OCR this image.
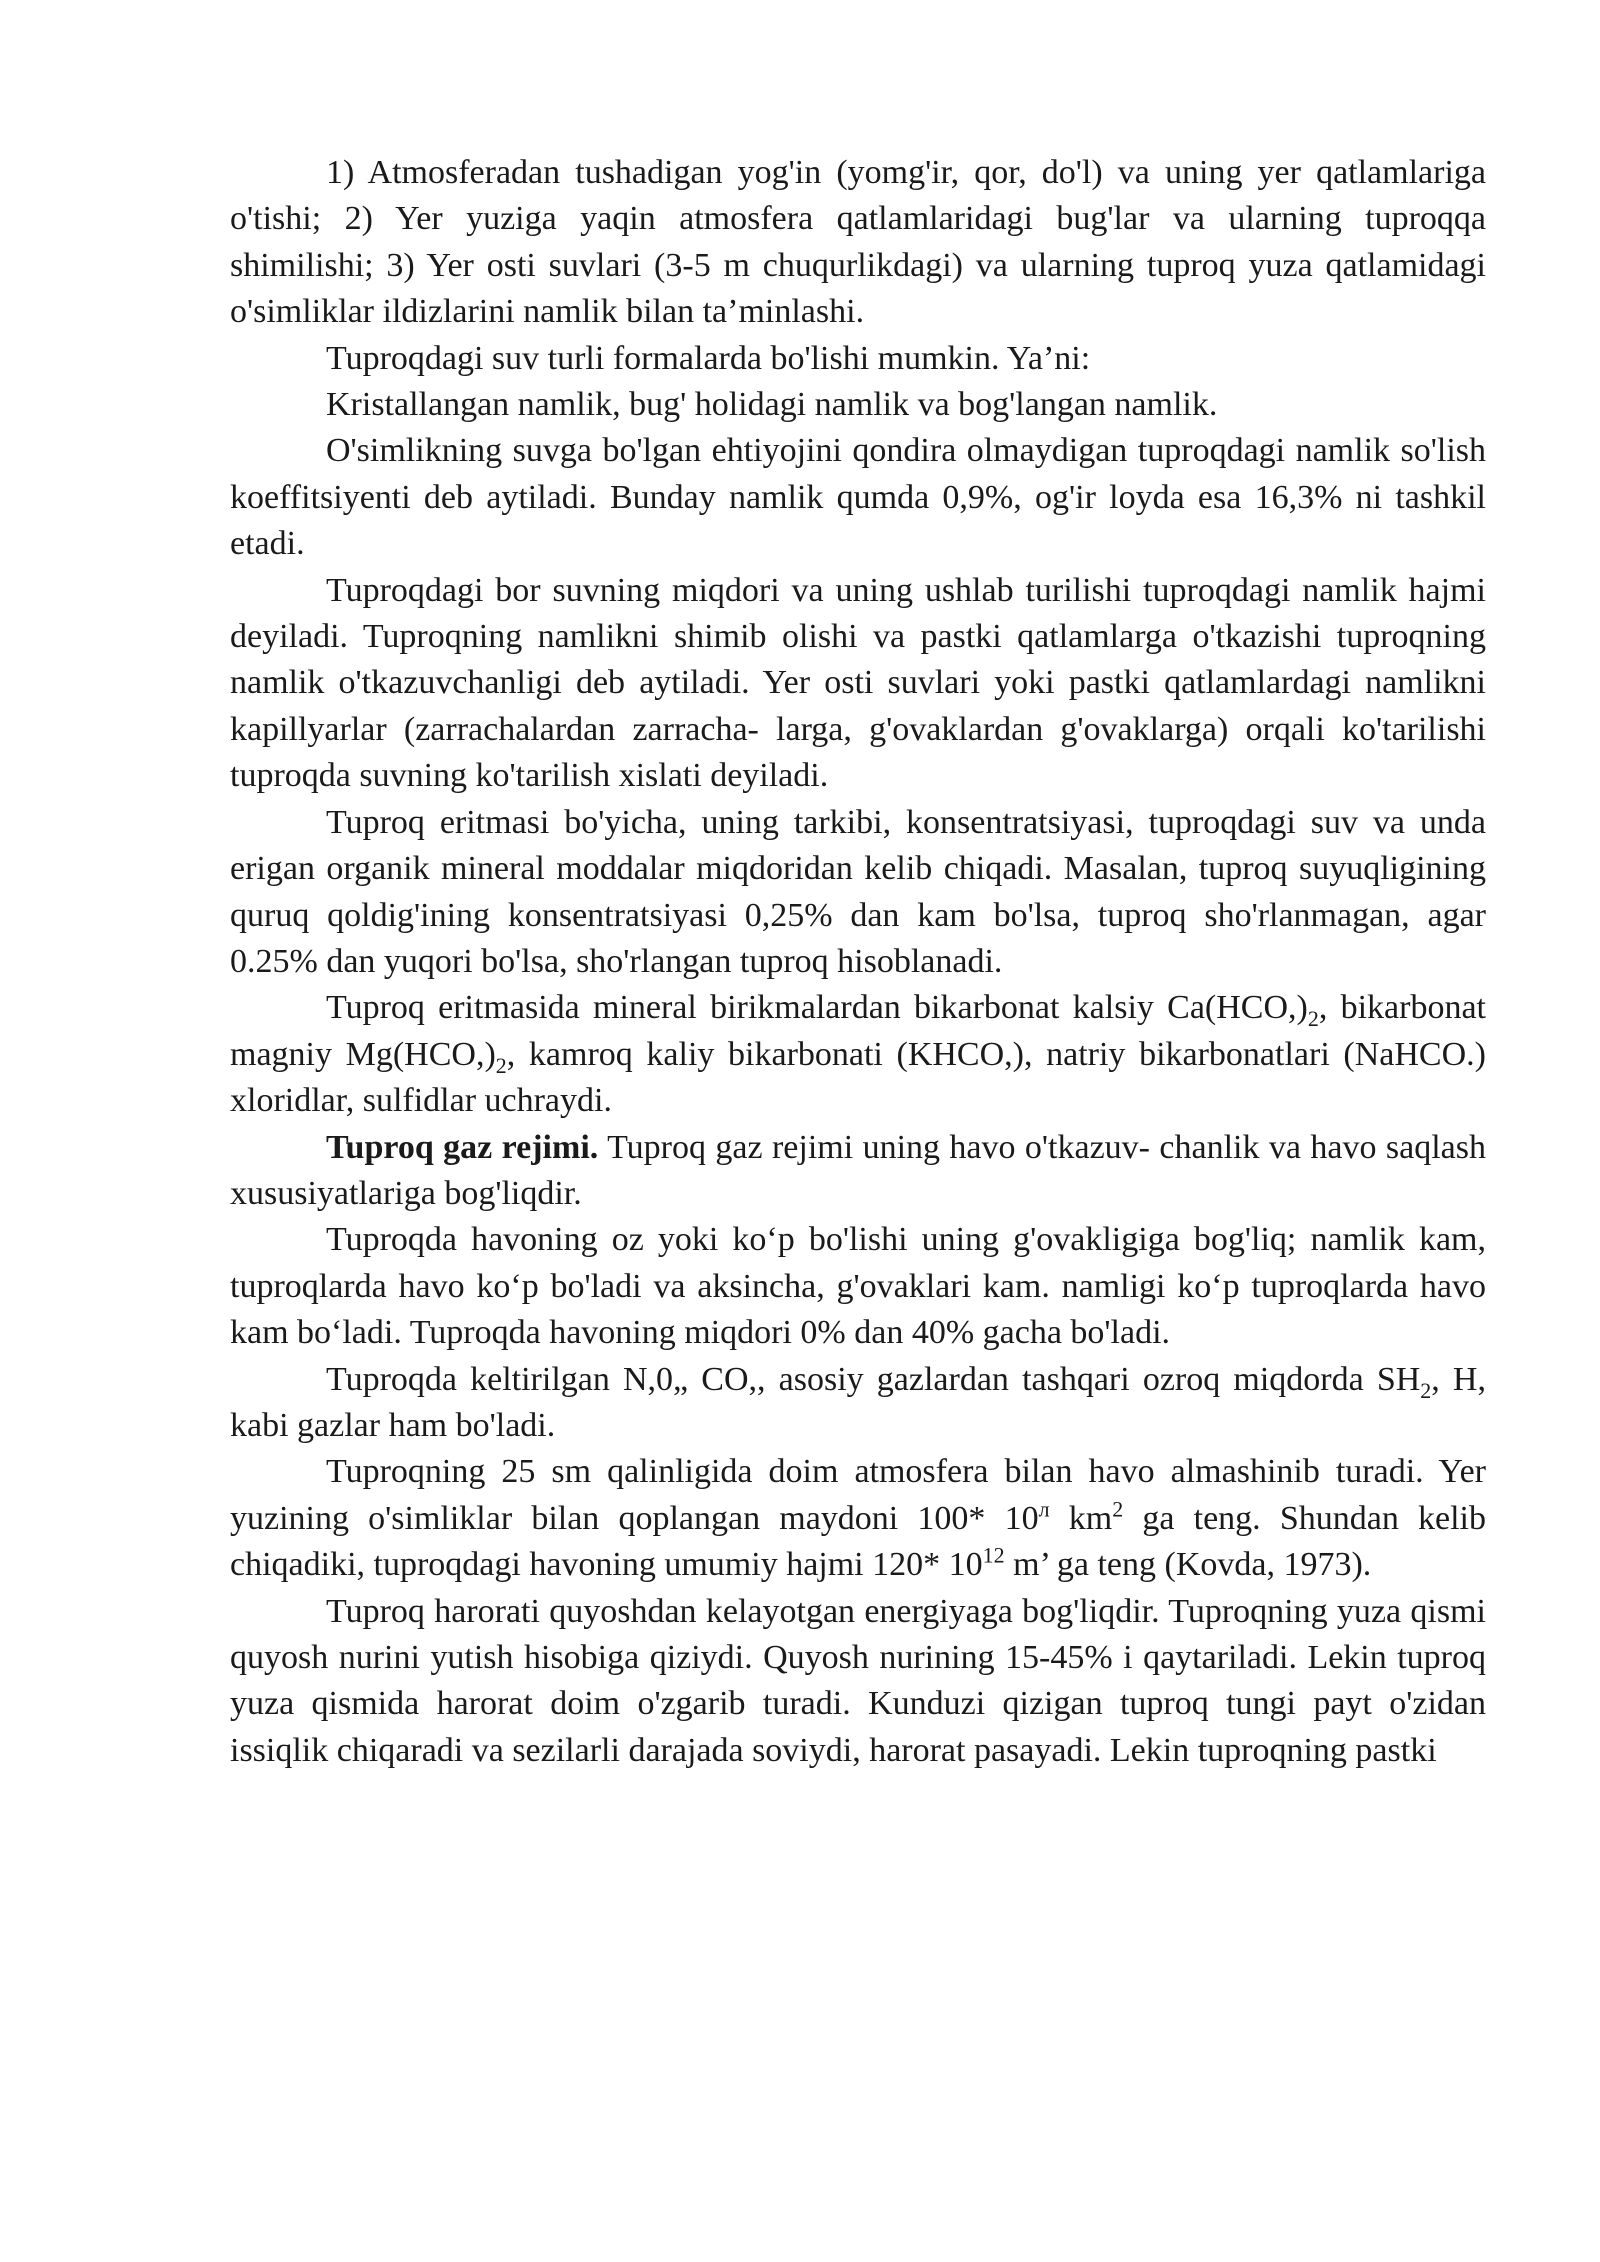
1) Atmosferadan tushadigan yog'in (yomg'ir, qor, do'l) va uning yer qatlamlariga o'tishi; 2) Yer yuziga yaqin atmosfera qatlamlaridagi bug'lar va ularning tuproqqa shimilishi; 3) Yer osti suvlari (3-5 m chuqurlikdagi) va ularning tuproq yuza qatlamidagi o'simliklar ildizlarini namlik bilan ta’minlashi.

Tuproqdagi suv turli formalarda bo'lishi mumkin. Ya’ni:

Kristallangan namlik, bug' holidagi namlik va bog'langan namlik.

O'simlikning suvga bo'lgan ehtiyojini qondira olmaydigan tuproqdagi namlik so'lish koeffitsiyenti deb aytiladi. Bunday namlik qumda 0,9%, og'ir loyda esa 16,3% ni tashkil etadi.

Tuproqdagi bor suvning miqdori va uning ushlab turilishi tuproqdagi namlik hajmi deyiladi. Tuproqning namlikni shimib olishi va pastki qatlamlarga o'tkazishi tuproqning namlik o'tkazuvchanligi deb aytiladi. Yer osti suvlari yoki pastki qatlamlardagi namlikni kapillyarlar (zarrachalardan zarracha- larga, g'ovaklardan g'ovaklarga) orqali ko'tarilishi tuproqda suvning ko'tarilish xislati deyiladi.

Tuproq eritmasi bo'yicha, uning tarkibi, konsentratsiyasi, tuproqdagi suv va unda erigan organik mineral moddalar miqdoridan kelib chiqadi. Masalan, tuproq suyuqligining quruq qoldig'ining konsentratsiyasi 0,25% dan kam bo'lsa, tuproq sho'rlanmagan, agar 0.25% dan yuqori bo'lsa, sho'rlangan tuproq hisoblanadi.

Tuproq eritmasida mineral birikmalardan bikarbonat kalsiy $Ca(HCO,)_2$, bikarbonat magniy $Mg(HCO,)_2$, kamroq kaliy bikarbonati (KHCO,), natriy bikarbonatlari (NaHCO.) xloridlar, sulfidlar uchraydi.

Tuproq gaz rejimi. Tuproq gaz rejimi uning havo o'tkazuv- chanlik va havo saqlash xususiyatlariga bog'liqdir.

Tuproqda havoning oz yoki ko‘p bo'lishi uning g'ovakligiga bog'liq; namlik kam, tuproqlarda havo ko‘p bo'ladi va aksincha, g'ovaklari kam. namligi ko‘p tuproqlarda havo kam bo‘ladi. Tuproqda havoning miqdori 0% dan 40% gacha bo'ladi.

Tuproqda keltirilgan N,0„ CO,, asosiy gazlardan tashqari ozroq miqdorda $SH_2$, H, kabi gazlar ham bo'ladi.

Tuproqning 25 sm qalinligida doim atmosfera bilan havo almashinib turadi. Yer yuzining o'simliklar bilan qoplangan maydoni 100* $10^л$ $km^2$ ga teng. Shundan kelib chiqadiki, tuproqdagi havoning umumiy hajmi 120* $10^{12}$ m’ ga teng (Kovda, 1973).

Tuproq harorati quyoshdan kelayotgan energiyaga bog'liqdir. Tuproqning yuza qismi quyosh nurini yutish hisobiga qiziydi. Quyosh nurining 15-45% i qaytariladi. Lekin tuproq yuza qismida harorat doim o'zgarib turadi. Kunduzi qizigan tuproq tungi payt o'zidan issiqlik chiqaradi va sezilarli darajada soviydi, harorat pasayadi. Lekin tuproqning pastki
